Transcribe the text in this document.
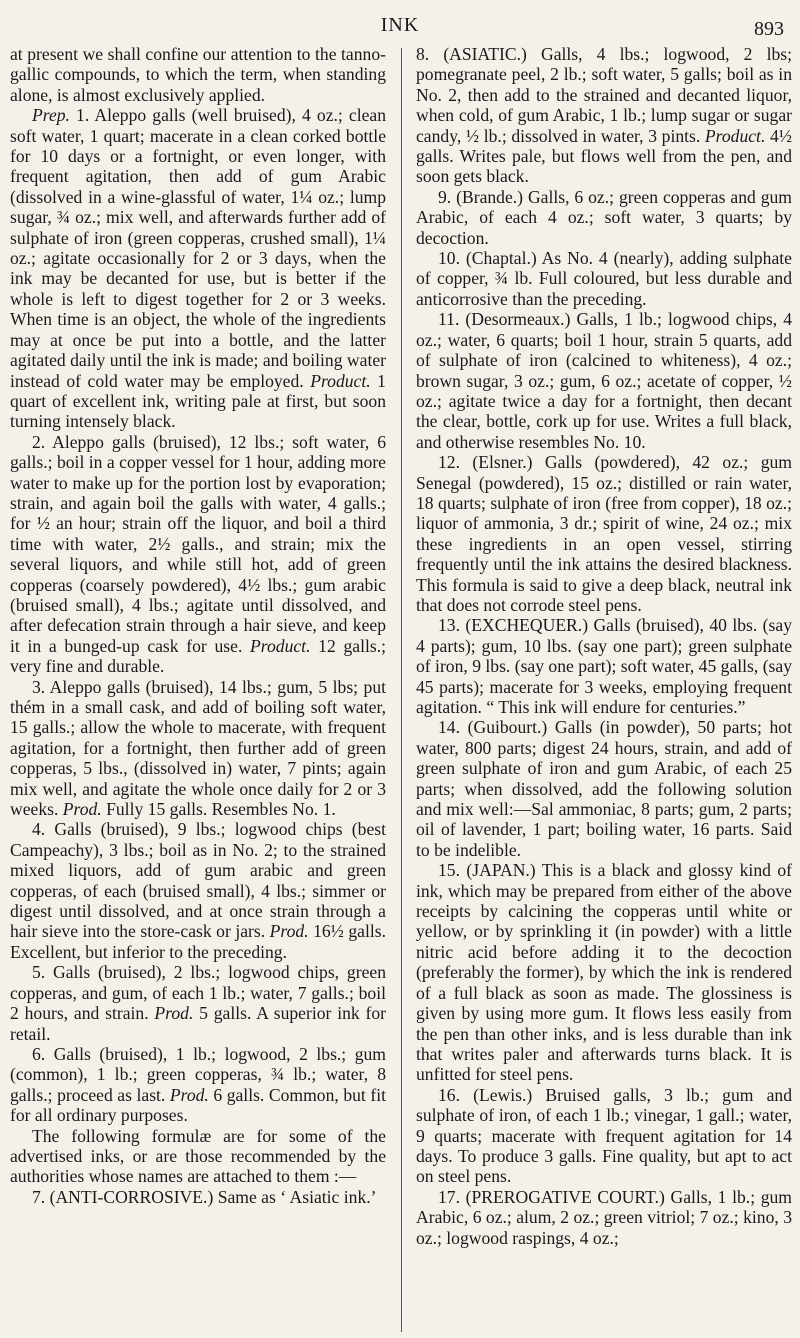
INK	893

at present we shall confine our attention to the tanno-gallic compounds, to which the term, when standing alone, is almost exclusively applied.

Prep. 1. Aleppo galls (well bruised), 4 oz.; clean soft water, 1 quart; macerate in a clean corked bottle for 10 days or a fortnight, or even longer, with frequent agitation, then add of gum Arabic (dissolved in a wine-glassful of water, 1¼ oz.; lump sugar, ¾ oz.; mix well, and afterwards further add of sulphate of iron (green copperas, crushed small), 1¼ oz.; agitate occasionally for 2 or 3 days, when the ink may be decanted for use, but is better if the whole is left to digest together for 2 or 3 weeks. When time is an object, the whole of the ingredients may at once be put into a bottle, and the latter agitated daily until the ink is made; and boiling water instead of cold water may be employed. Product. 1 quart of excellent ink, writing pale at first, but soon turning intensely black.

2. Aleppo galls (bruised), 12 lbs.; soft water, 6 galls.; boil in a copper vessel for 1 hour, adding more water to make up for the portion lost by evaporation; strain, and again boil the galls with water, 4 galls.; for ½ an hour; strain off the liquor, and boil a third time with water, 2½ galls., and strain; mix the several liquors, and while still hot, add of green copperas (coarsely powdered), 4½ lbs.; gum arabic (bruised small), 4 lbs.; agitate until dissolved, and after defecation strain through a hair sieve, and keep it in a bunged-up cask for use. Product. 12 galls.; very fine and durable.

3. Aleppo galls (bruised), 14 lbs.; gum, 5 lbs; put thém in a small cask, and add of boiling soft water, 15 galls.; allow the whole to macerate, with frequent agitation, for a fortnight, then further add of green copperas, 5 lbs., (dissolved in) water, 7 pints; again mix well, and agitate the whole once daily for 2 or 3 weeks. Prod. Fully 15 galls. Resembles No. 1.

4. Galls (bruised), 9 lbs.; logwood chips (best Campeachy), 3 lbs.; boil as in No. 2; to the strained mixed liquors, add of gum arabic and green copperas, of each (bruised small), 4 lbs.; simmer or digest until dissolved, and at once strain through a hair sieve into the store-cask or jars. Prod. 16½ galls. Excellent, but inferior to the preceding.

5. Galls (bruised), 2 lbs.; logwood chips, green copperas, and gum, of each 1 lb.; water, 7 galls.; boil 2 hours, and strain. Prod. 5 galls. A superior ink for retail.

6. Galls (bruised), 1 lb.; logwood, 2 lbs.; gum (common), 1 lb.; green copperas, ¾ lb.; water, 8 galls.; proceed as last. Prod. 6 galls. Common, but fit for all ordinary purposes.

The following formulæ are for some of the advertised inks, or are those recommended by the authorities whose names are attached to them :—

7. (ANTI-CORROSIVE.) Same as ‘ Asiatic ink.’

8. (ASIATIC.) Galls, 4 lbs.; logwood, 2 lbs; pomegranate peel, 2 lb.; soft water, 5 galls; boil as in No. 2, then add to the strained and decanted liquor, when cold, of gum Arabic, 1 lb.; lump sugar or sugar candy, ½ lb.; dissolved in water, 3 pints. Product. 4½ galls. Writes pale, but flows well from the pen, and soon gets black.

9. (Brande.) Galls, 6 oz.; green copperas and gum Arabic, of each 4 oz.; soft water, 3 quarts; by decoction.

10. (Chaptal.) As No. 4 (nearly), adding sulphate of copper, ¾ lb. Full coloured, but less durable and anticorrosive than the preceding.

11. (Desormeaux.) Galls, 1 lb.; logwood chips, 4 oz.; water, 6 quarts; boil 1 hour, strain 5 quarts, add of sulphate of iron (calcined to whiteness), 4 oz.; brown sugar, 3 oz.; gum, 6 oz.; acetate of copper, ½ oz.; agitate twice a day for a fortnight, then decant the clear, bottle, cork up for use. Writes a full black, and otherwise resembles No. 10.

12. (Elsner.) Galls (powdered), 42 oz.; gum Senegal (powdered), 15 oz.; distilled or rain water, 18 quarts; sulphate of iron (free from copper), 18 oz.; liquor of ammonia, 3 dr.; spirit of wine, 24 oz.; mix these ingredients in an open vessel, stirring frequently until the ink attains the desired blackness. This formula is said to give a deep black, neutral ink that does not corrode steel pens.

13. (EXCHEQUER.) Galls (bruised), 40 lbs. (say 4 parts); gum, 10 lbs. (say one part); green sulphate of iron, 9 lbs. (say one part); soft water, 45 galls, (say 45 parts); macerate for 3 weeks, employing frequent agitation. “ This ink will endure for centuries.”

14. (Guibourt.) Galls (in powder), 50 parts; hot water, 800 parts; digest 24 hours, strain, and add of green sulphate of iron and gum Arabic, of each 25 parts; when dissolved, add the following solution and mix well:—Sal ammoniac, 8 parts; gum, 2 parts; oil of lavender, 1 part; boiling water, 16 parts. Said to be indelible.

15. (JAPAN.) This is a black and glossy kind of ink, which may be prepared from either of the above receipts by calcining the copperas until white or yellow, or by sprinkling it (in powder) with a little nitric acid before adding it to the decoction (preferably the former), by which the ink is rendered of a full black as soon as made. The glossiness is given by using more gum. It flows less easily from the pen than other inks, and is less durable than ink that writes paler and afterwards turns black. It is unfitted for steel pens.

16. (Lewis.) Bruised galls, 3 lb.; gum and sulphate of iron, of each 1 lb.; vinegar, 1 gall.; water, 9 quarts; macerate with frequent agitation for 14 days. To produce 3 galls. Fine quality, but apt to act on steel pens.

17. (PREROGATIVE COURT.) Galls, 1 lb.; gum Arabic, 6 oz.; alum, 2 oz.; green vitriol; 7 oz.; kino, 3 oz.; logwood raspings, 4 oz.;
